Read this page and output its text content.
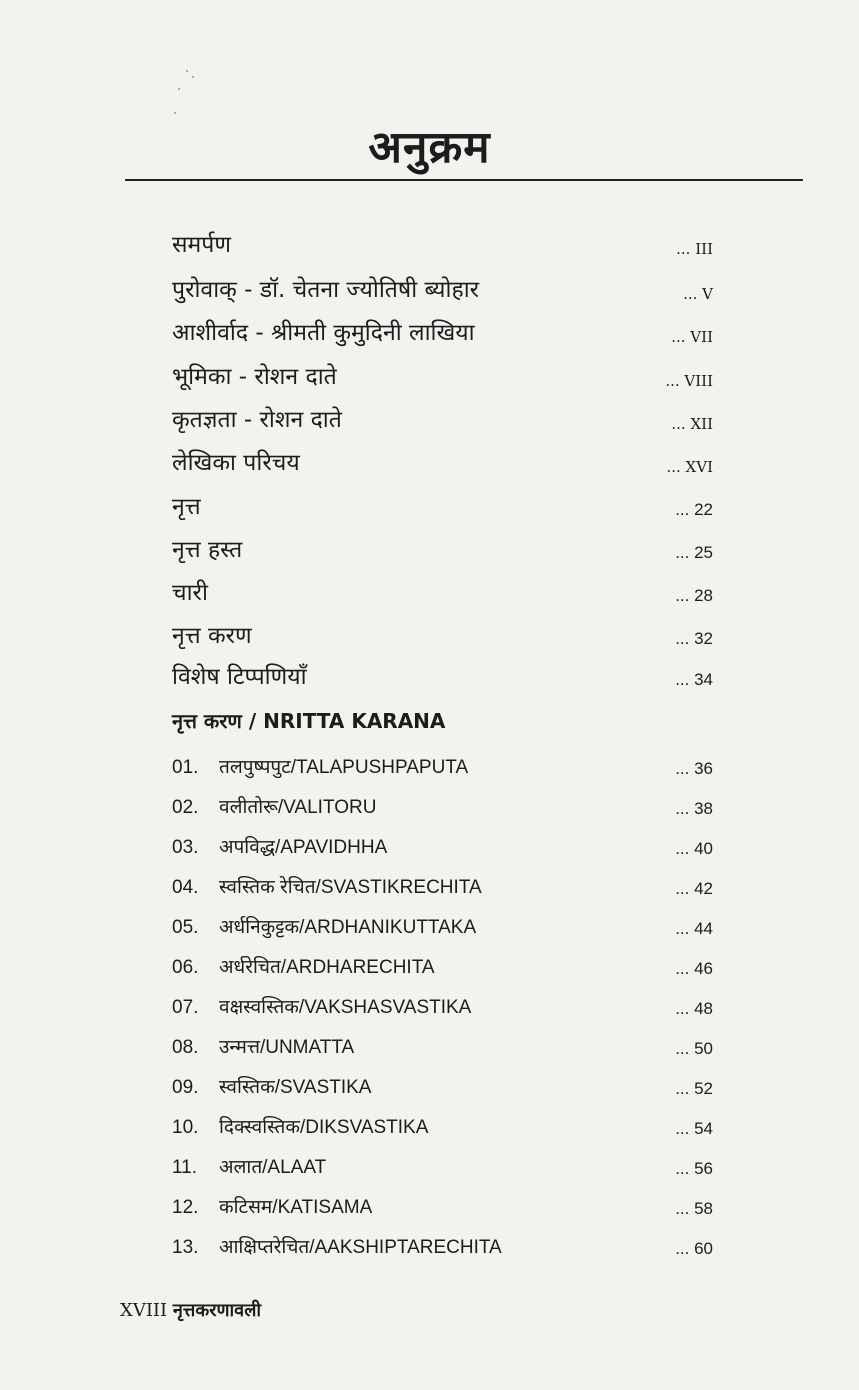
अनुक्रम
समर्पण	... III
पुरोवाक् - डॉ. चेतना ज्योतिषी ब्योहार	... V
आशीर्वाद - श्रीमती कुमुदिनी लाखिया	... VII
भूमिका - रोशन दाते	... VIII
कृतज्ञता - रोशन दाते	... XII
लेखिका परिचय	... XVI
नृत्त	... 22
नृत्त हस्त	... 25
चारी	... 28
नृत्त करण	... 32
विशेष टिप्पणियाँ	... 34
नृत्त करण / NRITTA KARANA
01. तलपुष्पपुट/TALAPUSHPAPUTA	... 36
02. वलीतोरू/VALITORU	... 38
03. अपविद्ध/APAVIDHHA	... 40
04. स्वस्तिक रेचित/SVASTIKRECHITA	... 42
05. अर्धनिकुट्टक/ARDHANIKUTTAKA	... 44
06. अर्धरेचित/ARDHARECHITA	... 46
07. वक्षस्वस्तिक/VAKSHASVASTIKA	... 48
08. उन्मत्त/UNMATTA	... 50
09. स्वस्तिक/SVASTIKA	... 52
10. दिक्स्वस्तिक/DIKSVASTIKA	... 54
11. अलात/ALAAT	... 56
12. कटिसम/KATISAMA	... 58
13. आक्षिप्तरेचित/AAKSHIPTARECHITA	... 60
XVIII नृत्तकरणावली
